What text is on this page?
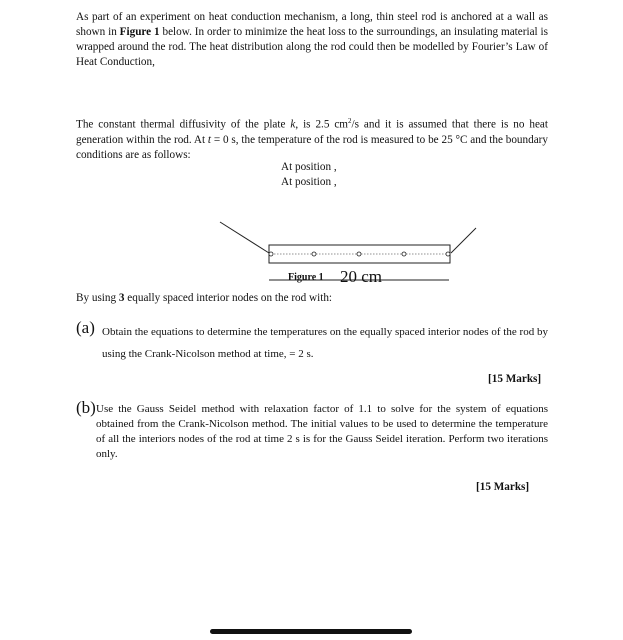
As part of an experiment on heat conduction mechanism, a long, thin steel rod is anchored at a wall as shown in Figure 1 below. In order to minimize the heat loss to the surroundings, an insulating material is wrapped around the rod. The heat distribution along the rod could then be modelled by Fourier’s Law of Heat Conduction,

The constant thermal diffusivity of the plate k, is 2.5 $cm^2/s$ and it is assumed that there is no heat generation within the rod. At t = 0 s, the temperature of the rod is measured to be 25 °C and the boundary conditions are as follows:

At position ,
At position ,
Figure 1 20 cm

By using 3 equally spaced interior nodes on the rod with:

(a) Obtain the equations to determine the temperatures on the equally spaced interior nodes of the rod by using the Crank-Nicolson method at time, = 2 s.
[15 Marks]
(b) Use the Gauss Seidel method with relaxation factor of 1.1 to solve for the system of equations obtained from the Crank-Nicolson method. The initial values to be used to determine the temperature of all the interiors nodes of the rod at time 2 s is for the Gauss Seidel iteration. Perform two iterations only.
[15 Marks]
